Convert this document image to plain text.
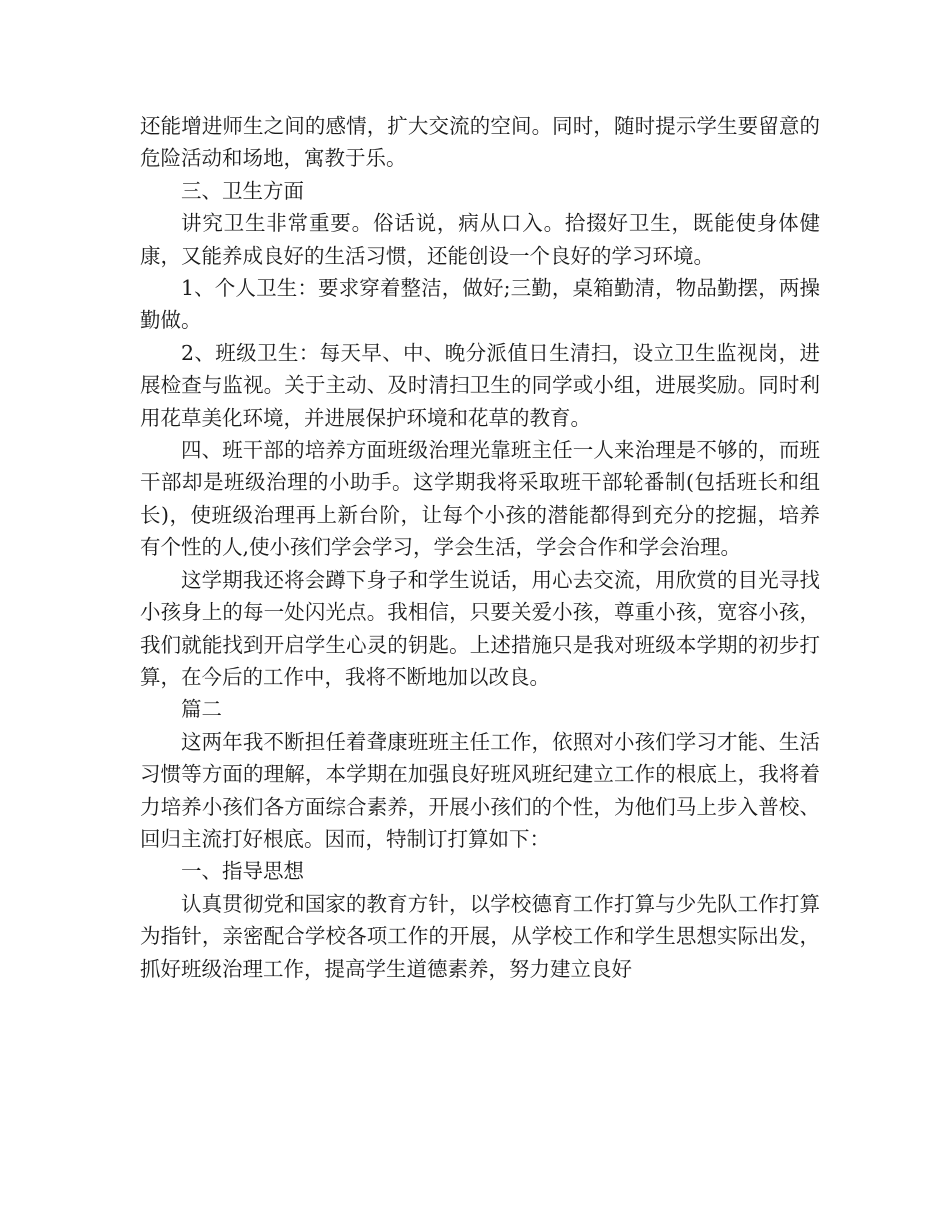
还能增进师生之间的感情，扩大交流的空间。同时，随时提示学生要留意的危险活动和场地，寓教于乐。

三、卫生方面

讲究卫生非常重要。俗话说，病从口入。拾掇好卫生，既能使身体健康，又能养成良好的生活习惯，还能创设一个良好的学习环境。

1、个人卫生：要求穿着整洁，做好;三勤，桌箱勤清，物品勤摆，两操勤做。

2、班级卫生：每天早、中、晚分派值日生清扫，设立卫生监视岗，进展检查与监视。关于主动、及时清扫卫生的同学或小组，进展奖励。同时利用花草美化环境，并进展保护环境和花草的教育。

四、班干部的培养方面班级治理光靠班主任一人来治理是不够的，而班干部却是班级治理的小助手。这学期我将采取班干部轮番制(包括班长和组长)，使班级治理再上新台阶，让每个小孩的潜能都得到充分的挖掘，培养有个性的人,使小孩们学会学习，学会生活，学会合作和学会治理。

这学期我还将会蹲下身子和学生说话，用心去交流，用欣赏的目光寻找小孩身上的每一处闪光点。我相信，只要关爱小孩，尊重小孩，宽容小孩，我们就能找到开启学生心灵的钥匙。上述措施只是我对班级本学期的初步打算，在今后的工作中，我将不断地加以改良。

篇二

这两年我不断担任着聋康班班主任工作，依照对小孩们学习才能、生活习惯等方面的理解，本学期在加强良好班风班纪建立工作的根底上，我将着力培养小孩们各方面综合素养，开展小孩们的个性，为他们马上步入普校、回归主流打好根底。因而，特制订打算如下：

一、指导思想

认真贯彻党和国家的教育方针，以学校德育工作打算与少先队工作打算为指针，亲密配合学校各项工作的开展，从学校工作和学生思想实际出发，抓好班级治理工作，提高学生道德素养，努力建立良好
